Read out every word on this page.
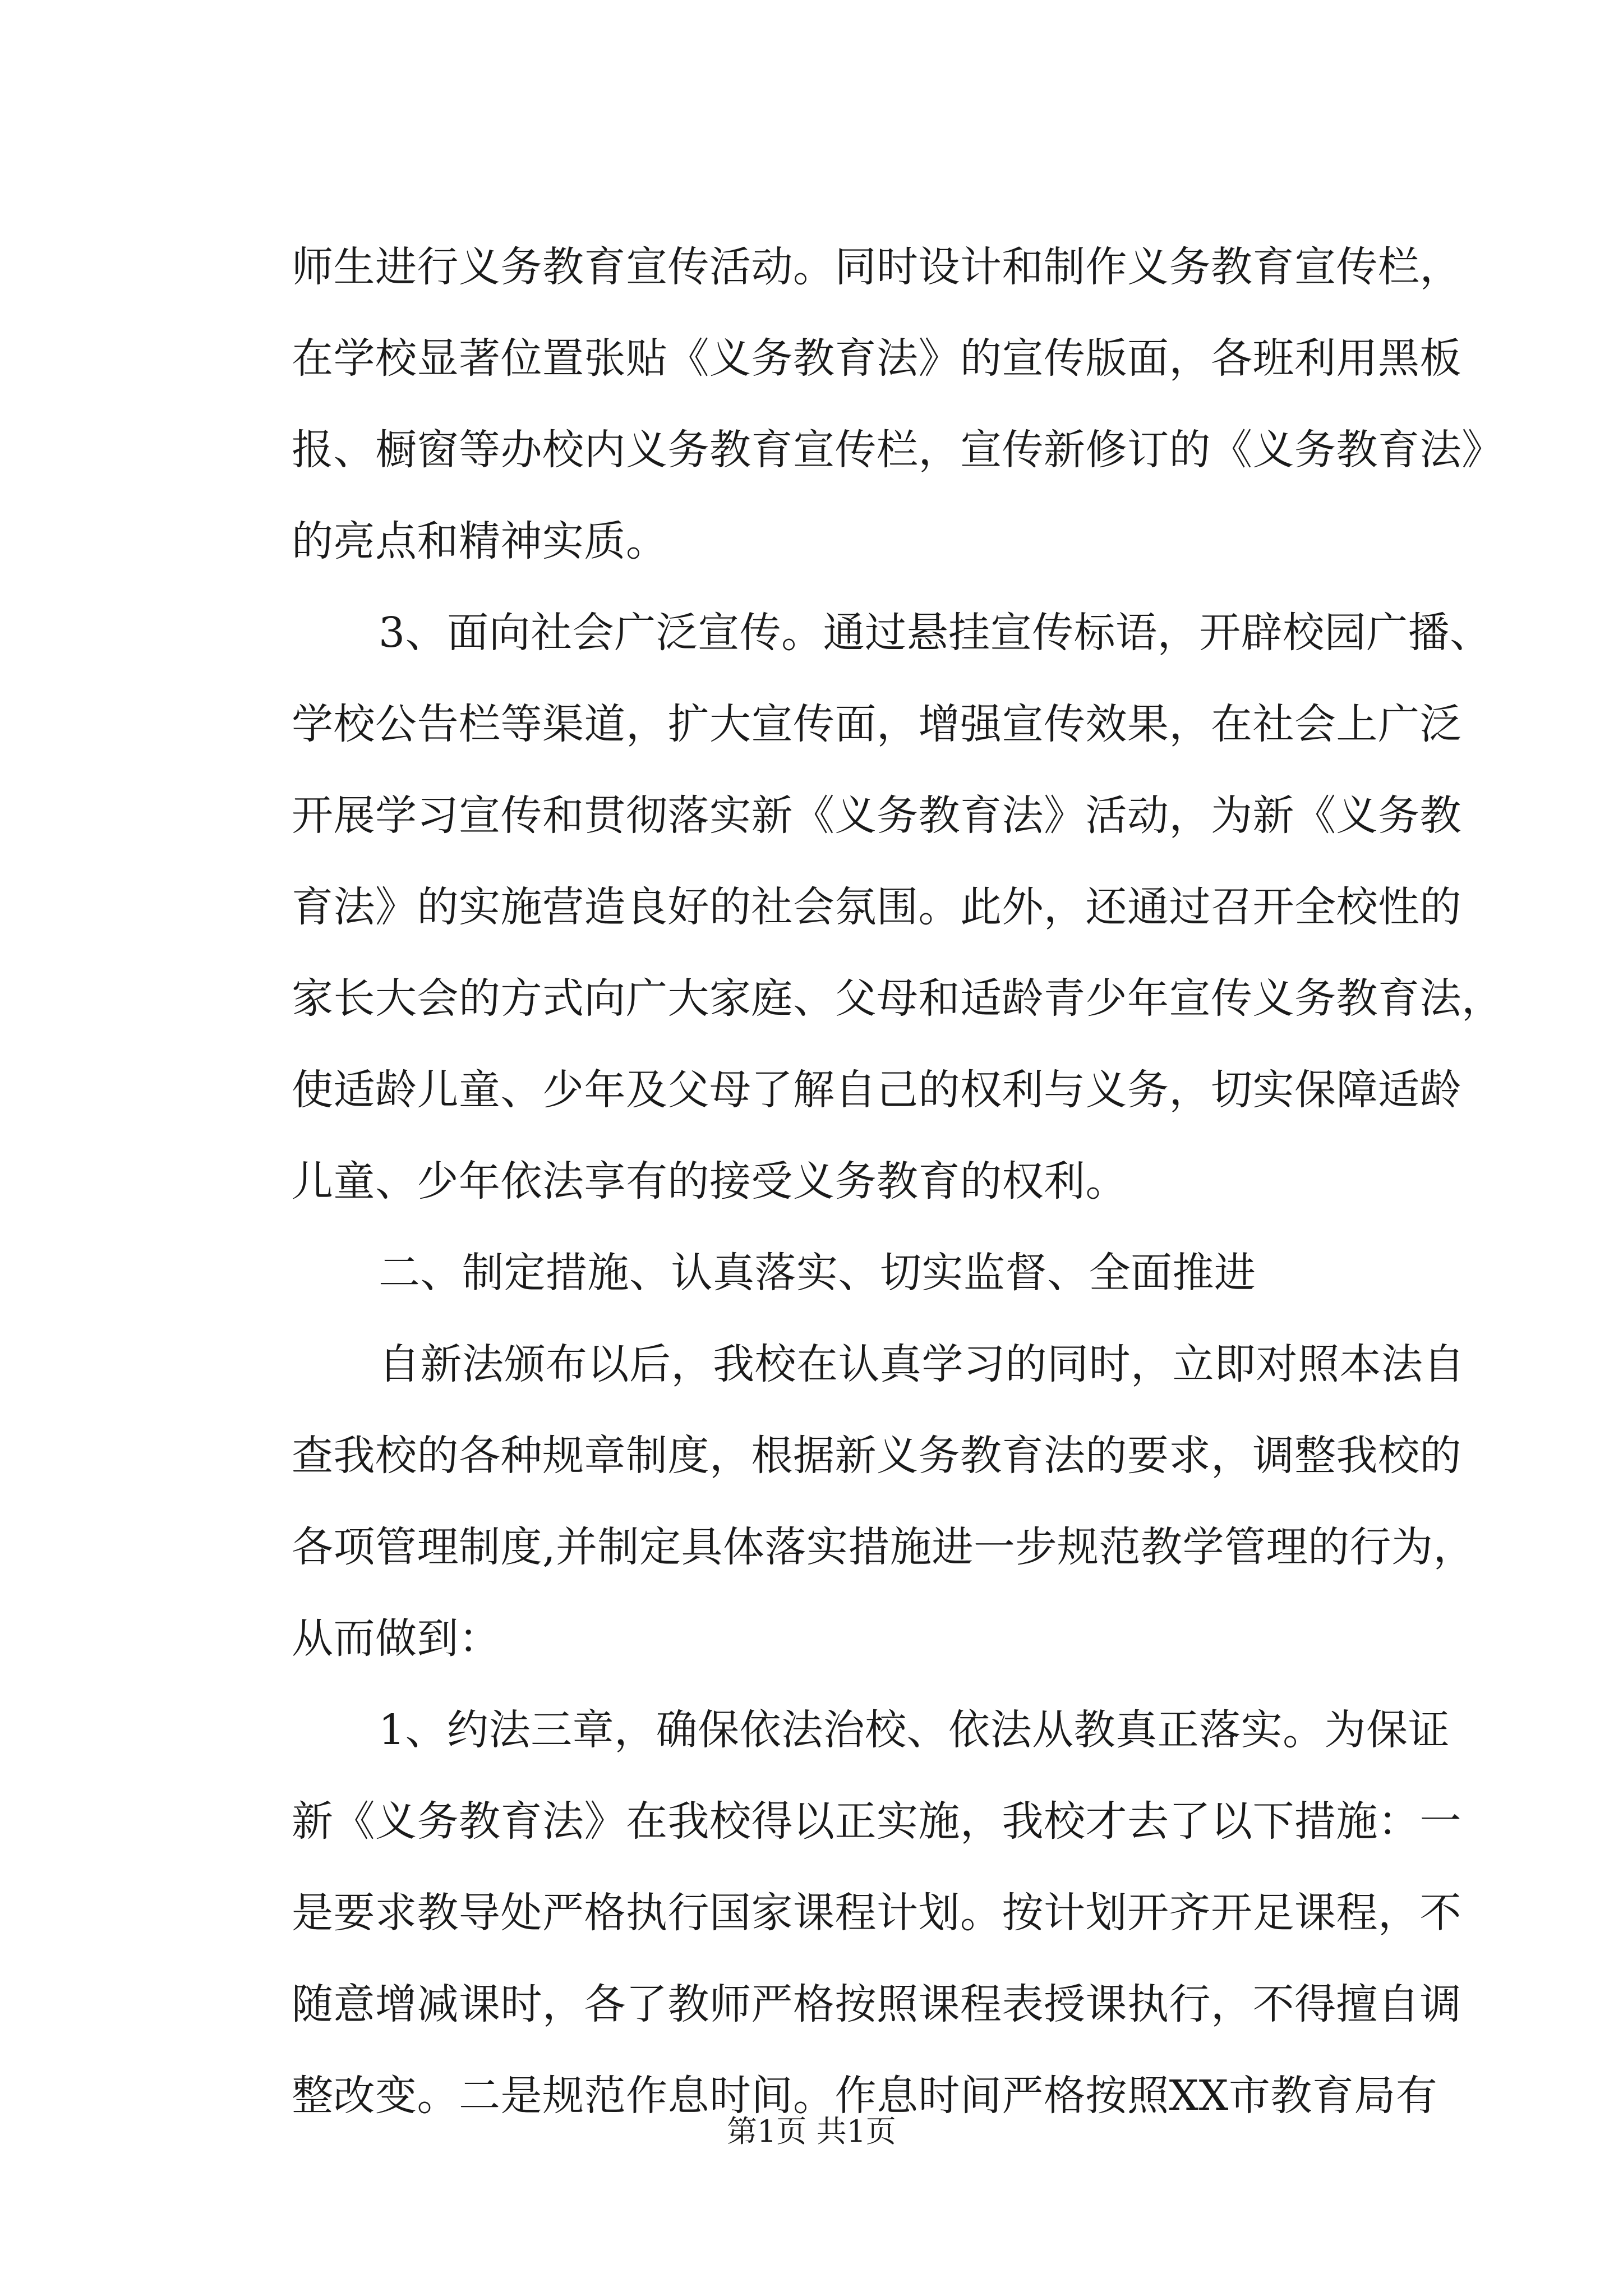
师生进行义务教育宣传活动。同时设计和制作义务教育宣传栏，
在学校显著位置张贴《义务教育法》的宣传版面，各班利用黑板
报、橱窗等办校内义务教育宣传栏，宣传新修订的《义务教育法》
的亮点和精神实质。
3、面向社会广泛宣传。通过悬挂宣传标语，开辟校园广播、
学校公告栏等渠道，扩大宣传面，增强宣传效果，在社会上广泛
开展学习宣传和贯彻落实新《义务教育法》活动，为新《义务教
育法》的实施营造良好的社会氛围。此外，还通过召开全校性的
家长大会的方式向广大家庭、父母和适龄青少年宣传义务教育法，
使适龄儿童、少年及父母了解自己的权利与义务，切实保障适龄
儿童、少年依法享有的接受义务教育的权利。
二、制定措施、认真落实、切实监督、全面推进
自新法颁布以后，我校在认真学习的同时，立即对照本法自
查我校的各种规章制度，根据新义务教育法的要求，调整我校的
各项管理制度,并制定具体落实措施进一步规范教学管理的行为，
从而做到：
1、约法三章，确保依法治校、依法从教真正落实。为保证
新《义务教育法》在我校得以正实施，我校才去了以下措施：一
是要求教导处严格执行国家课程计划。按计划开齐开足课程，不
随意增减课时，各了教师严格按照课程表授课执行，不得擅自调
整改变。二是规范作息时间。作息时间严格按照XX市教育局有
第1页 共1页
